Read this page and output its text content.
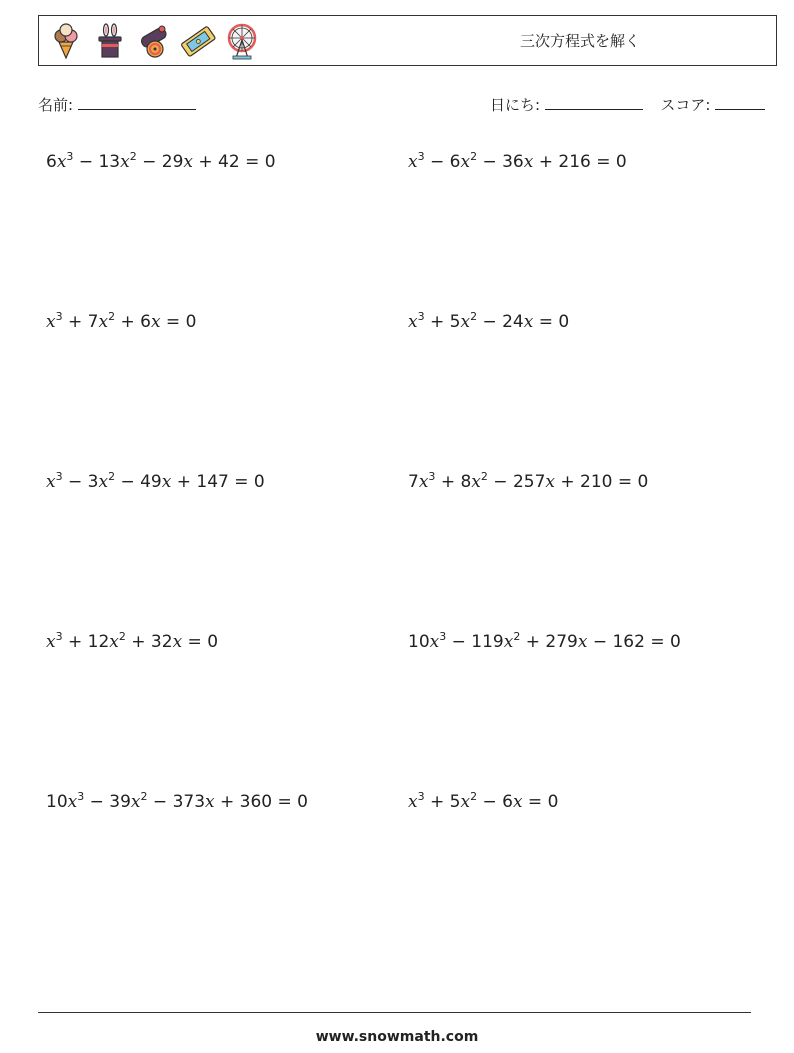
三次方程式を解く
名前:	日にち:	スコア:
$6x^3 - 13x^2 - 29x + 42 = 0$	$x^3 - 6x^2 - 36x + 216 = 0$
$x^3 + 7x^2 + 6x = 0$	$x^3 + 5x^2 - 24x = 0$
$x^3 - 3x^2 - 49x + 147 = 0$	$7x^3 + 8x^2 - 257x + 210 = 0$
$x^3 + 12x^2 + 32x = 0$	$10x^3 - 119x^2 + 279x - 162 = 0$
$10x^3 - 39x^2 - 373x + 360 = 0$	$x^3 + 5x^2 - 6x = 0$
www.snowmath.com
